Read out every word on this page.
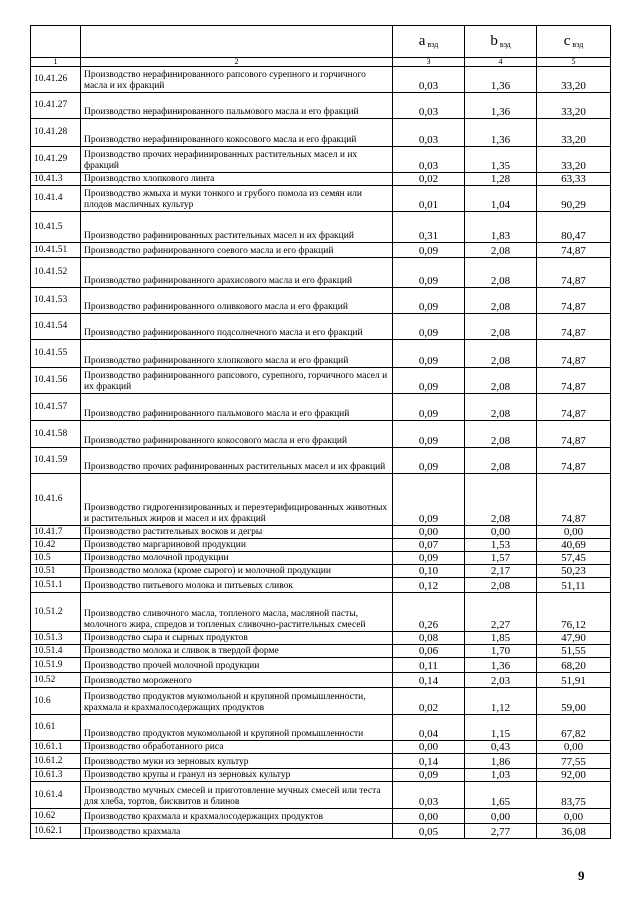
		a $_{вэд}$	b $_{вэд}$	c $_{вэд}$
1	2	3	4	5
10.41.26	Производство нерафинированного рапсового сурепного и горчичного масла и их фракций	0,03	1,36	33,20
10.41.27	Производство нерафинированного пальмового масла и его фракций	0,03	1,36	33,20
10.41.28	Производство нерафинированного кокосового масла и его фракций	0,03	1,36	33,20
10.41.29	Производство прочих нерафинированных растительных масел и их фракций	0,03	1,35	33,20
10.41.3	Производство хлопкового линта	0,02	1,28	63,33
10.41.4	Производство жмыха и муки тонкого и грубого помола из семян или плодов масличных культур	0,01	1,04	90,29
10.41.5	Производство рафинированных растительных масел и их фракций	0,31	1,83	80,47
10.41.51	Производство рафинированного соевого масла и его фракций	0,09	2,08	74,87
10.41.52	Производство рафинированного арахисового масла и его фракций	0,09	2,08	74,87
10.41.53	Производство рафинированного оливкового масла и его фракций	0,09	2,08	74,87
10.41.54	Производство рафинированного подсолнечного масла и его фракций	0,09	2,08	74,87
10.41.55	Производство рафинированного хлопкового масла и его фракций	0,09	2,08	74,87
10.41.56	Производство рафинированного рапсового, сурепного, горчичного масел и их фракций	0,09	2,08	74,87
10.41.57	Производство рафинированного пальмового масла и его фракций	0,09	2,08	74,87
10.41.58	Производство рафинированного кокосового масла и его фракций	0,09	2,08	74,87
10.41.59	Производство прочих рафинированных растительных масел и их фракций	0,09	2,08	74,87
10.41.6	Производство гидрогенизированных и переэтерифицированных животных и растительных жиров и масел и их фракций	0,09	2,08	74,87
10.41.7	Производство растительных восков и дегры	0,00	0,00	0,00
10.42	Производство маргариновой продукции	0,07	1,53	40,69
10.5	Производство молочной продукции	0,09	1,57	57,45
10.51	Производство молока (кроме сырого) и молочной продукции	0,10	2,17	50,23
10.51.1	Производство питьевого молока и питьевых сливок	0,12	2,08	51,11
10.51.2	Производство сливочного масла, топленого масла, масляной пасты, молочного жира, спредов и топленых сливочно-растительных смесей	0,26	2,27	76,12
10.51.3	Производство сыра и сырных продуктов	0,08	1,85	47,90
10.51.4	Производство молока и сливок в твердой форме	0,06	1,70	51,55
10.51.9	Производство прочей молочной продукции	0,11	1,36	68,20
10.52	Производство мороженого	0,14	2,03	51,91
10.6	Производство продуктов мукомольной и крупяной промышленности, крахмала и крахмалосодержащих продуктов	0,02	1,12	59,00
10.61	Производство продуктов мукомольной и крупяной промышленности	0,04	1,15	67,82
10.61.1	Производство обработанного риса	0,00	0,43	0,00
10.61.2	Производство муки из зерновых культур	0,14	1,86	77,55
10.61.3	Производство крупы и гранул из зерновых культур	0,09	1,03	92,00
10.61.4	Производство мучных смесей и приготовление мучных смесей или теста для хлеба, тортов, бисквитов и блинов	0,03	1,65	83,75
10.62	Производство крахмала и крахмалосодержащих продуктов	0,00	0,00	0,00
10.62.1	Производство крахмала	0,05	2,77	36,08
9
